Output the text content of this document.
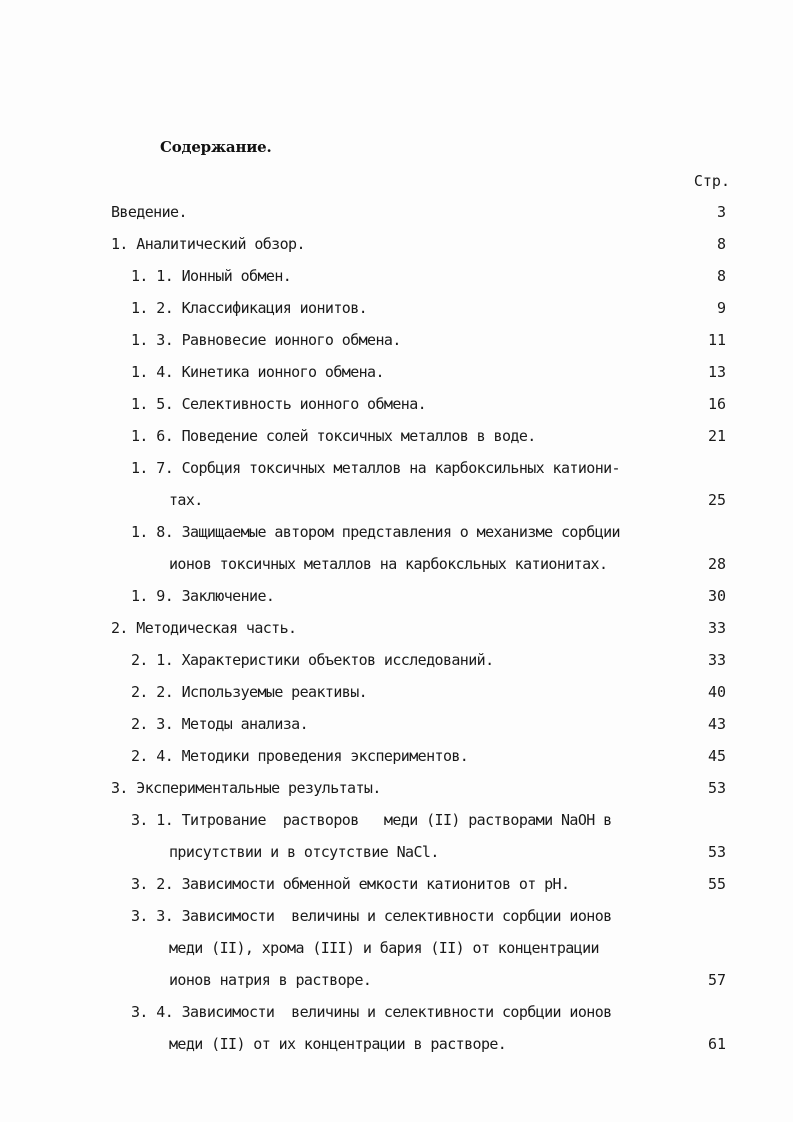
Содержание.
Стр.
Введение.	3
1. Аналитический обзор.	8
1. 1. Ионный обмен.	8
1. 2. Классификация ионитов.	9
1. 3. Равновесие ионного обмена.	11
1. 4. Кинетика ионного обмена.	13
1. 5. Селективность ионного обмена.	16
1. 6. Поведение солей токсичных металлов в воде.	21
1. 7. Сорбция токсичных металлов на карбоксильных катиони-
тах.	25
1. 8. Защищаемые автором представления о механизме сорбции
ионов токсичных металлов на карбоксльных катионитах.	28
1. 9. Заключение.	30
2. Методическая часть.	33
2. 1. Характеристики объектов исследований.	33
2. 2. Используемые реактивы.	40
2. 3. Методы анализа.	43
2. 4. Методики проведения экспериментов.	45
3. Экспериментальные результаты.	53
3. 1. Титрование  растворов   меди (II) растворами NaOH в
присутствии и в отсутствие NaCl.	53
3. 2. Зависимости обменной емкости катионитов от рН.	55
3. 3. Зависимости  величины и селективности сорбции ионов
меди (II), хрома (III) и бария (II) от концентрации
ионов натрия в растворе.	57
3. 4. Зависимости  величины и селективности сорбции ионов
меди (II) от их концентрации в растворе.	61
